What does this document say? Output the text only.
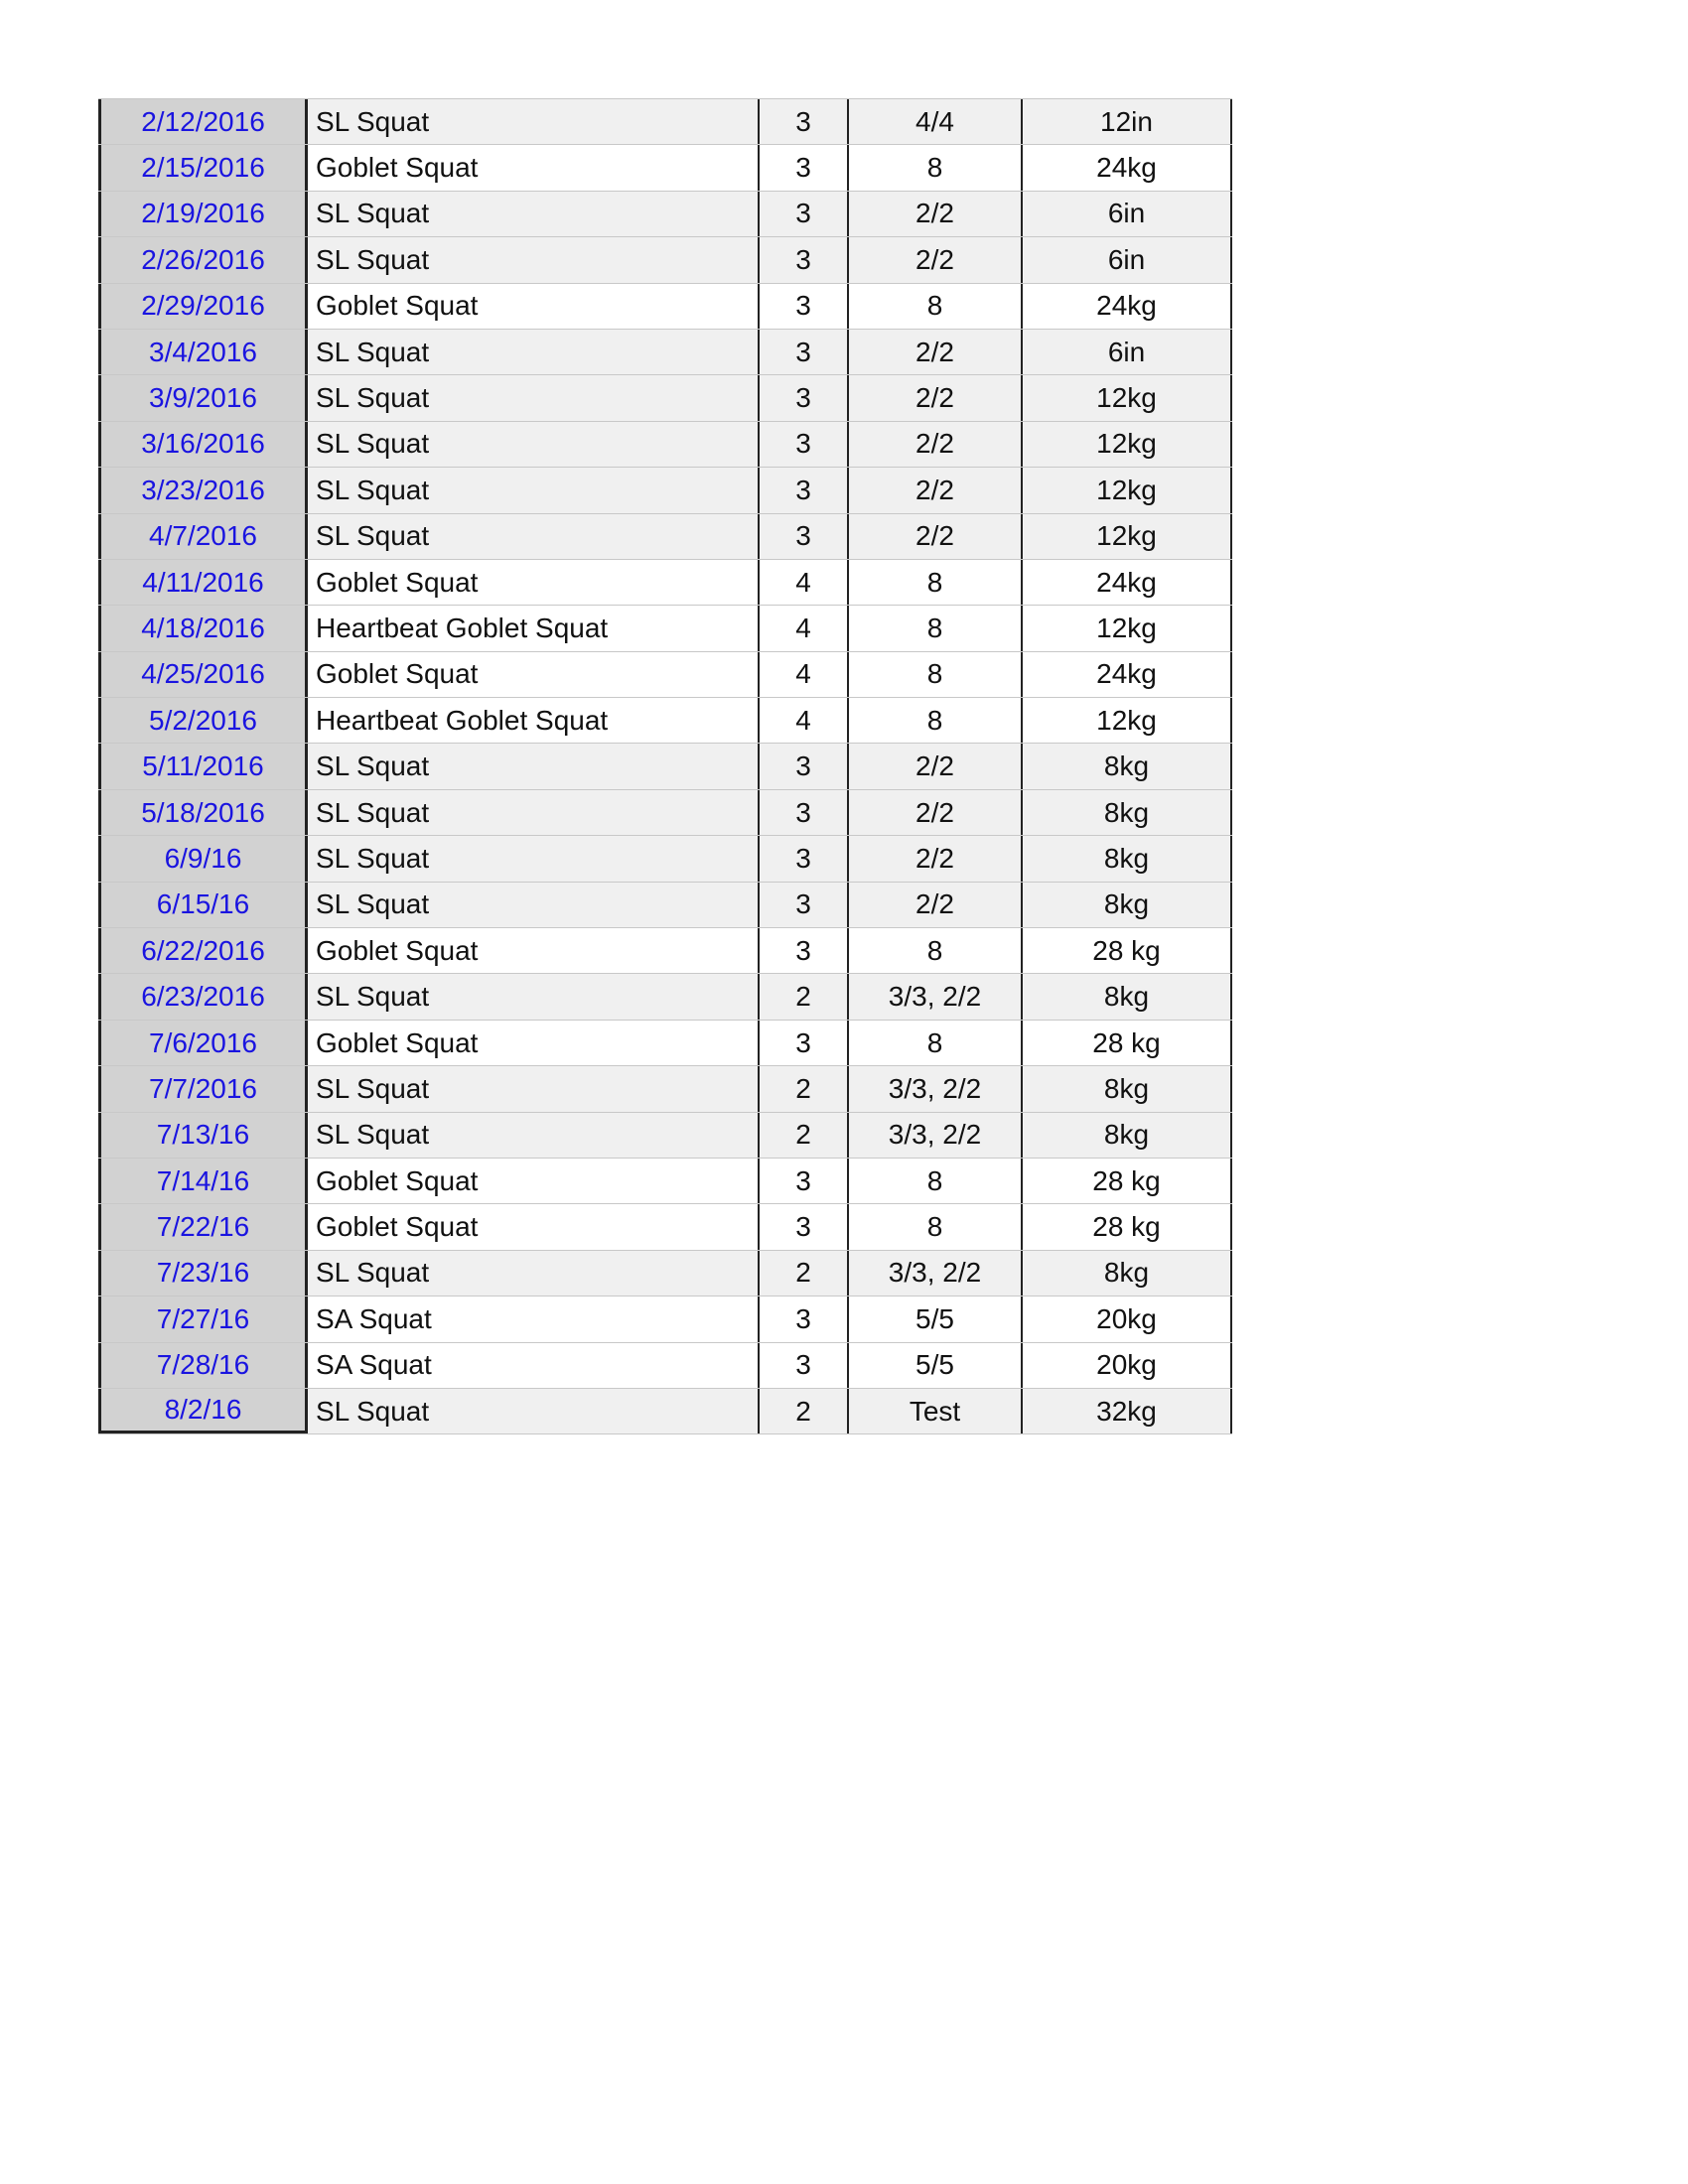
2/12/2016	SL Squat	3	4/4	12in
2/15/2016	Goblet Squat	3	8	24kg
2/19/2016	SL Squat	3	2/2	6in
2/26/2016	SL Squat	3	2/2	6in
2/29/2016	Goblet Squat	3	8	24kg
3/4/2016	SL Squat	3	2/2	6in
3/9/2016	SL Squat	3	2/2	12kg
3/16/2016	SL Squat	3	2/2	12kg
3/23/2016	SL Squat	3	2/2	12kg
4/7/2016	SL Squat	3	2/2	12kg
4/11/2016	Goblet Squat	4	8	24kg
4/18/2016	Heartbeat Goblet Squat	4	8	12kg
4/25/2016	Goblet Squat	4	8	24kg
5/2/2016	Heartbeat Goblet Squat	4	8	12kg
5/11/2016	SL Squat	3	2/2	8kg
5/18/2016	SL Squat	3	2/2	8kg
6/9/16	SL Squat	3	2/2	8kg
6/15/16	SL Squat	3	2/2	8kg
6/22/2016	Goblet Squat	3	8	28 kg
6/23/2016	SL Squat	2	3/3, 2/2	8kg
7/6/2016	Goblet Squat	3	8	28 kg
7/7/2016	SL Squat	2	3/3, 2/2	8kg
7/13/16	SL Squat	2	3/3, 2/2	8kg
7/14/16	Goblet Squat	3	8	28 kg
7/22/16	Goblet Squat	3	8	28 kg
7/23/16	SL Squat	2	3/3, 2/2	8kg
7/27/16	SA Squat	3	5/5	20kg
7/28/16	SA Squat	3	5/5	20kg
8/2/16	SL Squat	2	Test	32kg
